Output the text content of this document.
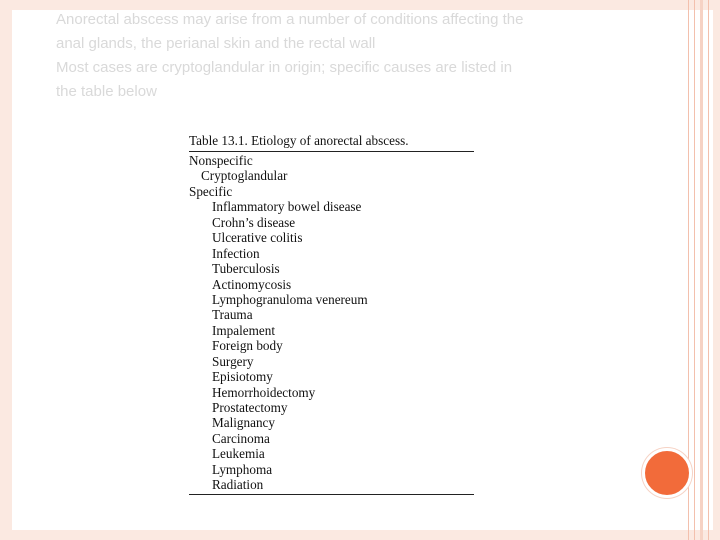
Anorectal abscess may arise from a number of conditions affecting the

anal glands, the perianal skin and the rectal wall

Most cases are cryptoglandular in origin; specific causes are listed in

the table below

Table 13.1. Etiology of anorectal abscess.
Nonspecific
Cryptoglandular
Specific
Inflammatory bowel disease
Crohn’s disease
Ulcerative colitis
Infection
Tuberculosis
Actinomycosis
Lymphogranuloma venereum
Trauma
Impalement
Foreign body
Surgery
Episiotomy
Hemorrhoidectomy
Prostatectomy
Malignancy
Carcinoma
Leukemia
Lymphoma
Radiation
